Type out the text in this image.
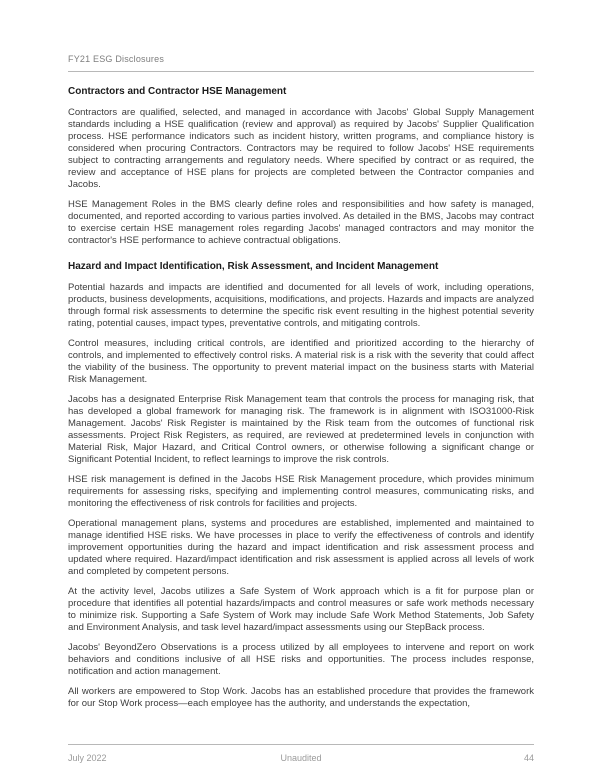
FY21 ESG Disclosures
Contractors and Contractor HSE Management

Contractors are qualified, selected, and managed in accordance with Jacobs' Global Supply Management standards including a HSE qualification (review and approval) as required by Jacobs' Supplier Qualification process. HSE performance indicators such as incident history, written programs, and compliance history is considered when procuring Contractors. Contractors may be required to follow Jacobs' HSE requirements subject to contracting arrangements and regulatory needs. Where specified by contract or as required, the review and acceptance of HSE plans for projects are completed between the Contractor companies and Jacobs.

HSE Management Roles in the BMS clearly define roles and responsibilities and how safety is managed, documented, and reported according to various parties involved. As detailed in the BMS, Jacobs may contract to exercise certain HSE management roles regarding Jacobs' managed contractors and may monitor the contractor's HSE performance to achieve contractual obligations.

Hazard and Impact Identification, Risk Assessment, and Incident Management

Potential hazards and impacts are identified and documented for all levels of work, including operations, products, business developments, acquisitions, modifications, and projects. Hazards and impacts are analyzed through formal risk assessments to determine the specific risk event resulting in the highest potential severity rating, potential causes, impact types, preventative controls, and mitigating controls.

Control measures, including critical controls, are identified and prioritized according to the hierarchy of controls, and implemented to effectively control risks. A material risk is a risk with the severity that could affect the viability of the business. The opportunity to prevent material impact on the business starts with Material Risk Management.

Jacobs has a designated Enterprise Risk Management team that controls the process for managing risk, that has developed a global framework for managing risk. The framework is in alignment with ISO31000-Risk Management. Jacobs' Risk Register is maintained by the Risk team from the outcomes of functional risk assessments. Project Risk Registers, as required, are reviewed at predetermined levels in conjunction with Material Risk, Major Hazard, and Critical Control owners, or otherwise following a significant change or Significant Potential Incident, to reflect learnings to improve the risk controls.

HSE risk management is defined in the Jacobs HSE Risk Management procedure, which provides minimum requirements for assessing risks, specifying and implementing control measures, communicating risks, and monitoring the effectiveness of risk controls for facilities and projects.

Operational management plans, systems and procedures are established, implemented and maintained to manage identified HSE risks. We have processes in place to verify the effectiveness of controls and identify improvement opportunities during the hazard and impact identification and risk assessment process and updated where required. Hazard/impact identification and risk assessment is applied across all levels of work and completed by competent persons.

At the activity level, Jacobs utilizes a Safe System of Work approach which is a fit for purpose plan or procedure that identifies all potential hazards/impacts and control measures or safe work methods necessary to minimize risk. Supporting a Safe System of Work may include Safe Work Method Statements, Job Safety and Environment Analysis, and task level hazard/impact assessments using our StepBack process.

Jacobs' BeyondZero Observations is a process utilized by all employees to intervene and report on work behaviors and conditions inclusive of all HSE risks and opportunities. The process includes response, notification and action management.

All workers are empowered to Stop Work. Jacobs has an established procedure that provides the framework for our Stop Work process—each employee has the authority, and understands the expectation,

July 2022	Unaudited	44
